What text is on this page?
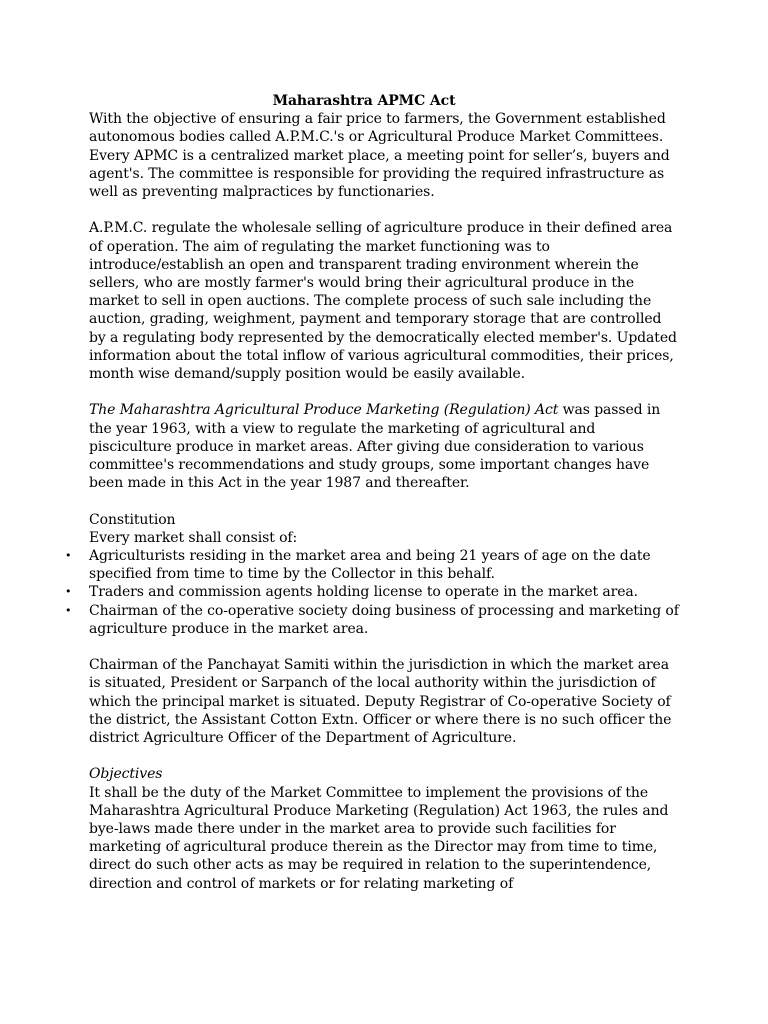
Maharashtra APMC Act

With the objective of ensuring a fair price to farmers, the Government established autonomous bodies called A.P.M.C.'s or Agricultural Produce Market Committees. Every APMC is a centralized market place, a meeting point for seller’s, buyers and agent's. The committee is responsible for providing the required infrastructure as well as preventing malpractices by functionaries.

A.P.M.C. regulate the wholesale selling of agriculture produce in their defined area of operation. The aim of regulating the market functioning was to introduce/establish an open and transparent trading environment wherein the sellers, who are mostly farmer's would bring their agricultural produce in the market to sell in open auctions. The complete process of such sale including the auction, grading, weighment, payment and temporary storage that are controlled by a regulating body represented by the democratically elected member's. Updated information about the total inflow of various agricultural commodities, their prices, month wise demand/supply position would be easily available.

The Maharashtra Agricultural Produce Marketing (Regulation) Act was passed in the year 1963, with a view to regulate the marketing of agricultural and pisciculture produce in market areas. After giving due consideration to various committee's recommendations and study groups, some important changes have been made in this Act in the year 1987 and thereafter.

Constitution

Every market shall consist of:

• Agriculturists residing in the market area and being 21 years of age on the date specified from time to time by the Collector in this behalf.
• Traders and commission agents holding license to operate in the market area.
• Chairman of the co-operative society doing business of processing and marketing of agriculture produce in the market area.

Chairman of the Panchayat Samiti within the jurisdiction in which the market area is situated, President or Sarpanch of the local authority within the jurisdiction of which the principal market is situated. Deputy Registrar of Co-operative Society of the district, the Assistant Cotton Extn. Officer or where there is no such officer the district Agriculture Officer of the Department of Agriculture.

Objectives

It shall be the duty of the Market Committee to implement the provisions of the Maharashtra Agricultural Produce Marketing (Regulation) Act 1963, the rules and bye-laws made there under in the market area to provide such facilities for marketing of agricultural produce therein as the Director may from time to time, direct do such other acts as may be required in relation to the superintendence, direction and control of markets or for relating marketing of
